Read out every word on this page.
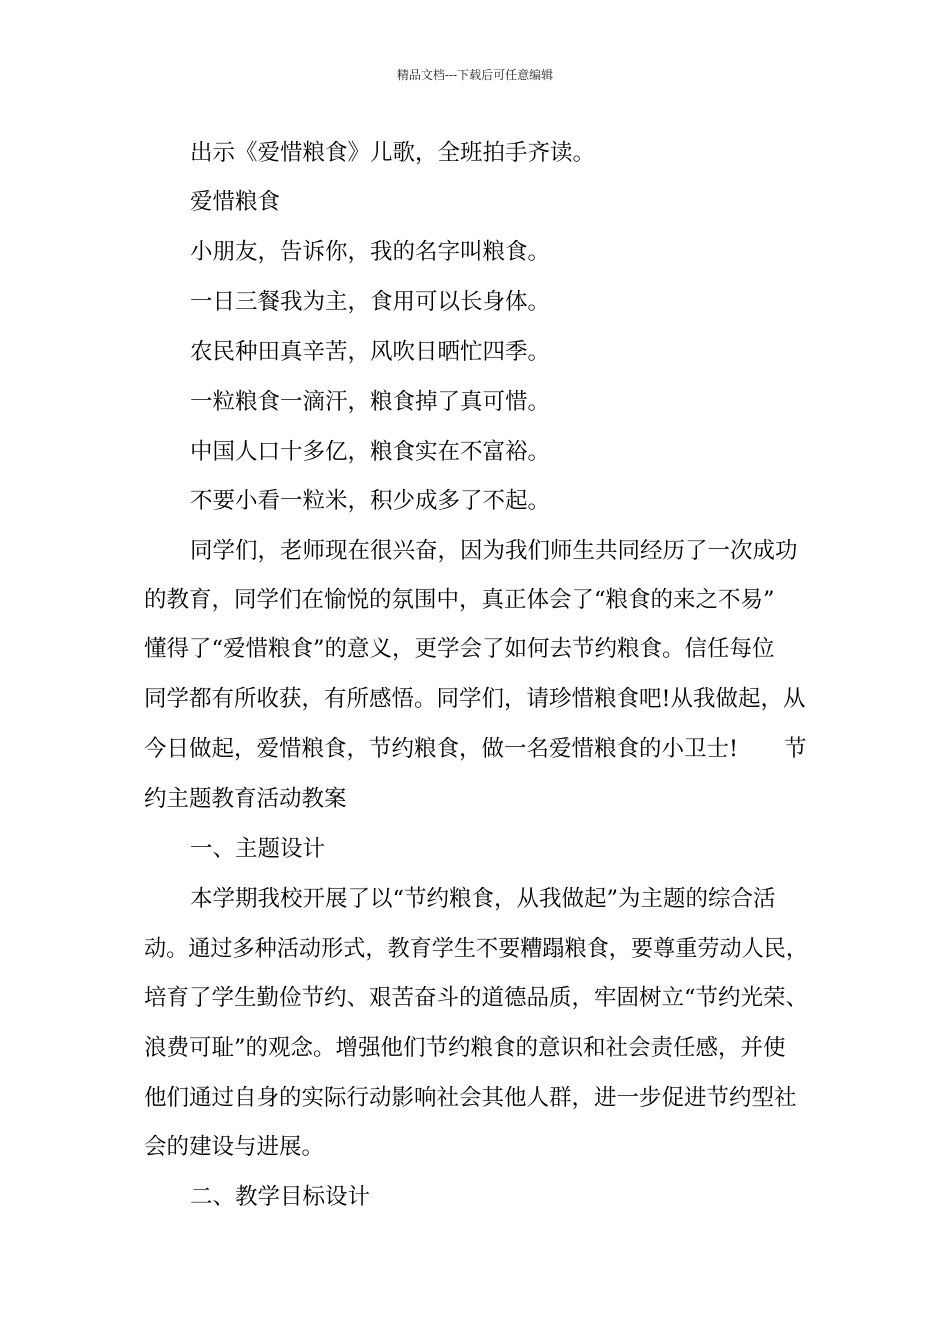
精品文档---下载后可任意编辑
出示《爱惜粮食》儿歌，全班拍手齐读。
爱惜粮食
小朋友，告诉你，我的名字叫粮食。
一日三餐我为主，食用可以长身体。
农民种田真辛苦，风吹日晒忙四季。
一粒粮食一滴汗，粮食掉了真可惜。
中国人口十多亿，粮食实在不富裕。
不要小看一粒米，积少成多了不起。
同学们，老师现在很兴奋，因为我们师生共同经历了一次成功
的教育，同学们在愉悦的氛围中，真正体会了“粮食的来之不易”
懂得了“爱惜粮食”的意义，更学会了如何去节约粮食。信任每位
同学都有所收获，有所感悟。同学们，请珍惜粮食吧!从我做起，从
今日做起，爱惜粮食，节约粮食，做一名爱惜粮食的小卫士! 节
约主题教育活动教案
一、主题设计
本学期我校开展了以“节约粮食，从我做起”为主题的综合活
动。通过多种活动形式，教育学生不要糟蹋粮食，要尊重劳动人民，
培育了学生勤俭节约、艰苦奋斗的道德品质，牢固树立“节约光荣、
浪费可耻”的观念。增强他们节约粮食的意识和社会责任感，并使
他们通过自身的实际行动影响社会其他人群，进一步促进节约型社
会的建设与进展。
二、教学目标设计
